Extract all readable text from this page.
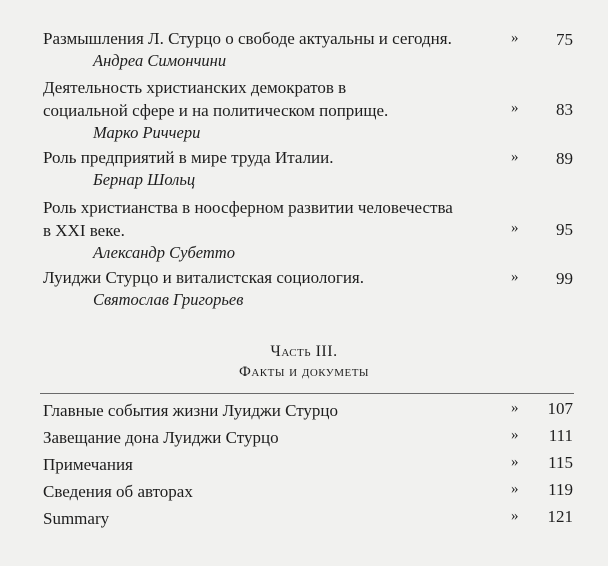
Размышления Л. Стурцо о свободе актуальны и сегодня.
Андреа Симончини
» 75
Деятельность христианских демократов в
социальной сфере и на политическом поприще.
Марко Риччери
» 83
Роль предприятий в мире труда Италии.
Бернар Шольц
» 89
Роль христианства в ноосферном развитии человечества
в XXI веке.
Александр Субетто
» 95
Луиджи Стурцо и виталистская социология.
Святослав Григорьев
» 99
Часть III.
Факты и докуметы
Главные события жизни Луиджи Стурцо	» 107
Завещание дона Луиджи Стурцо	» 111
Примечания	» 115
Сведения об авторах	» 119
Summary	» 121
